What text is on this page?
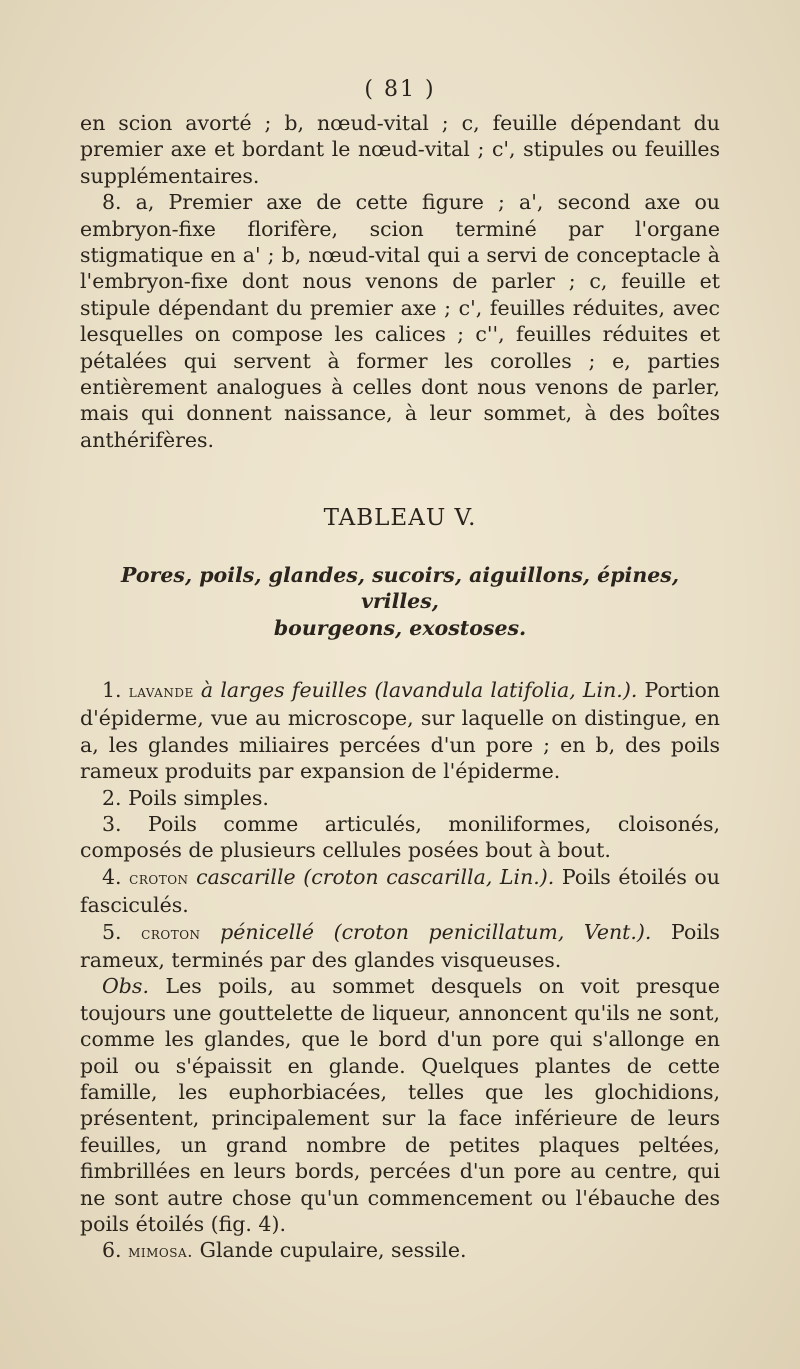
( 81 )

en scion avorté ; b, nœud-vital ; c, feuille dépendant du premier axe et bordant le nœud-vital ; c', stipules ou feuilles supplémentaires.

8. a, Premier axe de cette figure ; a', second axe ou embryon-fixe florifère, scion terminé par l'organe stigmatique en a' ; b, nœud-vital qui a servi de conceptacle à l'embryon-fixe dont nous venons de parler ; c, feuille et stipule dépendant du premier axe ; c', feuilles réduites, avec lesquelles on compose les calices ; c'', feuilles réduites et pétalées qui servent à former les corolles ; e, parties entièrement analogues à celles dont nous venons de parler, mais qui donnent naissance, à leur sommet, à des boîtes anthérifères.

TABLEAU V.

Pores, poils, glandes, sucoirs, aiguillons, épines, vrilles,
bourgeons, exostoses.

1. lavande à larges feuilles (lavandula latifolia, Lin.). Portion d'épiderme, vue au microscope, sur laquelle on distingue, en a, les glandes miliaires percées d'un pore ; en b, des poils rameux produits par expansion de l'épiderme.

2. Poils simples.

3. Poils comme articulés, moniliformes, cloisonés, composés de plusieurs cellules posées bout à bout.

4. croton cascarille (croton cascarilla, Lin.). Poils étoilés ou fasciculés.

5. croton pénicellé (croton penicillatum, Vent.). Poils rameux, terminés par des glandes visqueuses.

Obs. Les poils, au sommet desquels on voit presque toujours une gouttelette de liqueur, annoncent qu'ils ne sont, comme les glandes, que le bord d'un pore qui s'allonge en poil ou s'épaissit en glande. Quelques plantes de cette famille, les euphorbiacées, telles que les glochidions, présentent, principalement sur la face inférieure de leurs feuilles, un grand nombre de petites plaques peltées, fimbrillées en leurs bords, percées d'un pore au centre, qui ne sont autre chose qu'un commencement ou l'ébauche des poils étoilés (fig. 4).

6. mimosa. Glande cupulaire, sessile.
